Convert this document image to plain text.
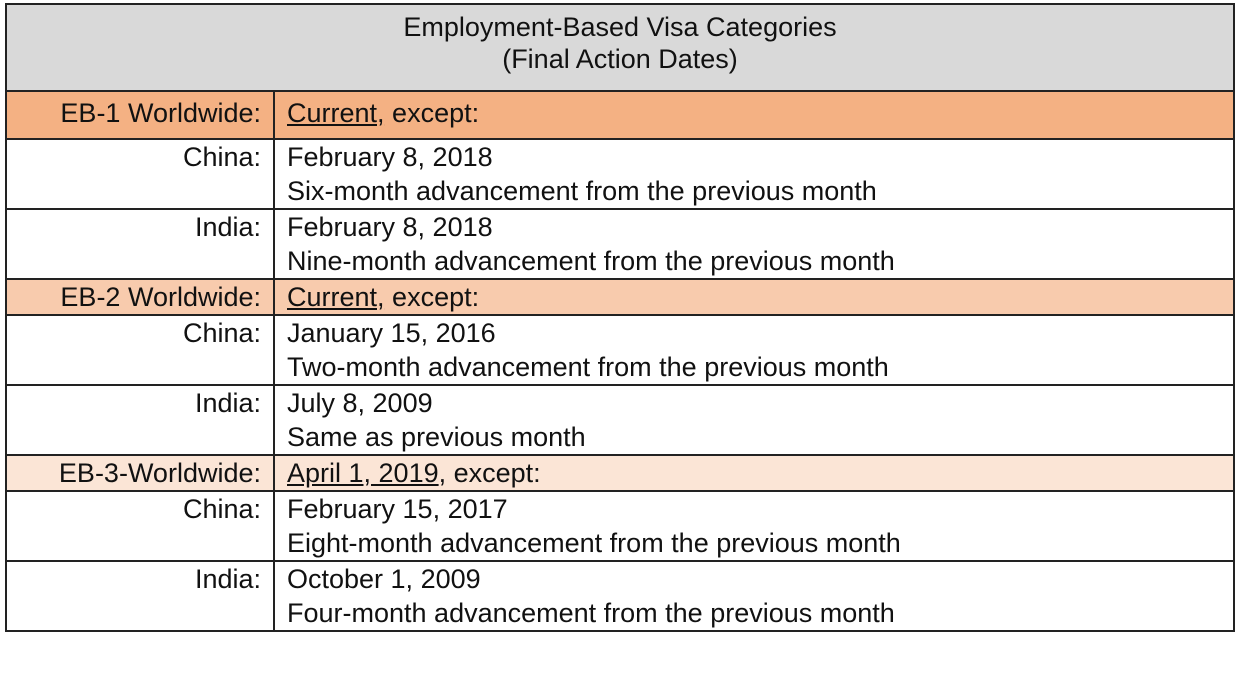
Employment-Based Visa Categories
(Final Action Dates)	

EB-1 Worldwide:	Current, except:
China:	February 8, 2018
Six-month advancement from the previous month

India:	February 8, 2018
Nine-month advancement from the previous month

EB-2 Worldwide:	Current, except:
China:	January 15, 2016
Two-month advancement from the previous month

India:	July 8, 2009
Same as previous month

EB-3-Worldwide:	April 1, 2019, except:
China:	February 15, 2017
Eight-month advancement from the previous month

India:	October 1, 2009
Four-month advancement from the previous month
